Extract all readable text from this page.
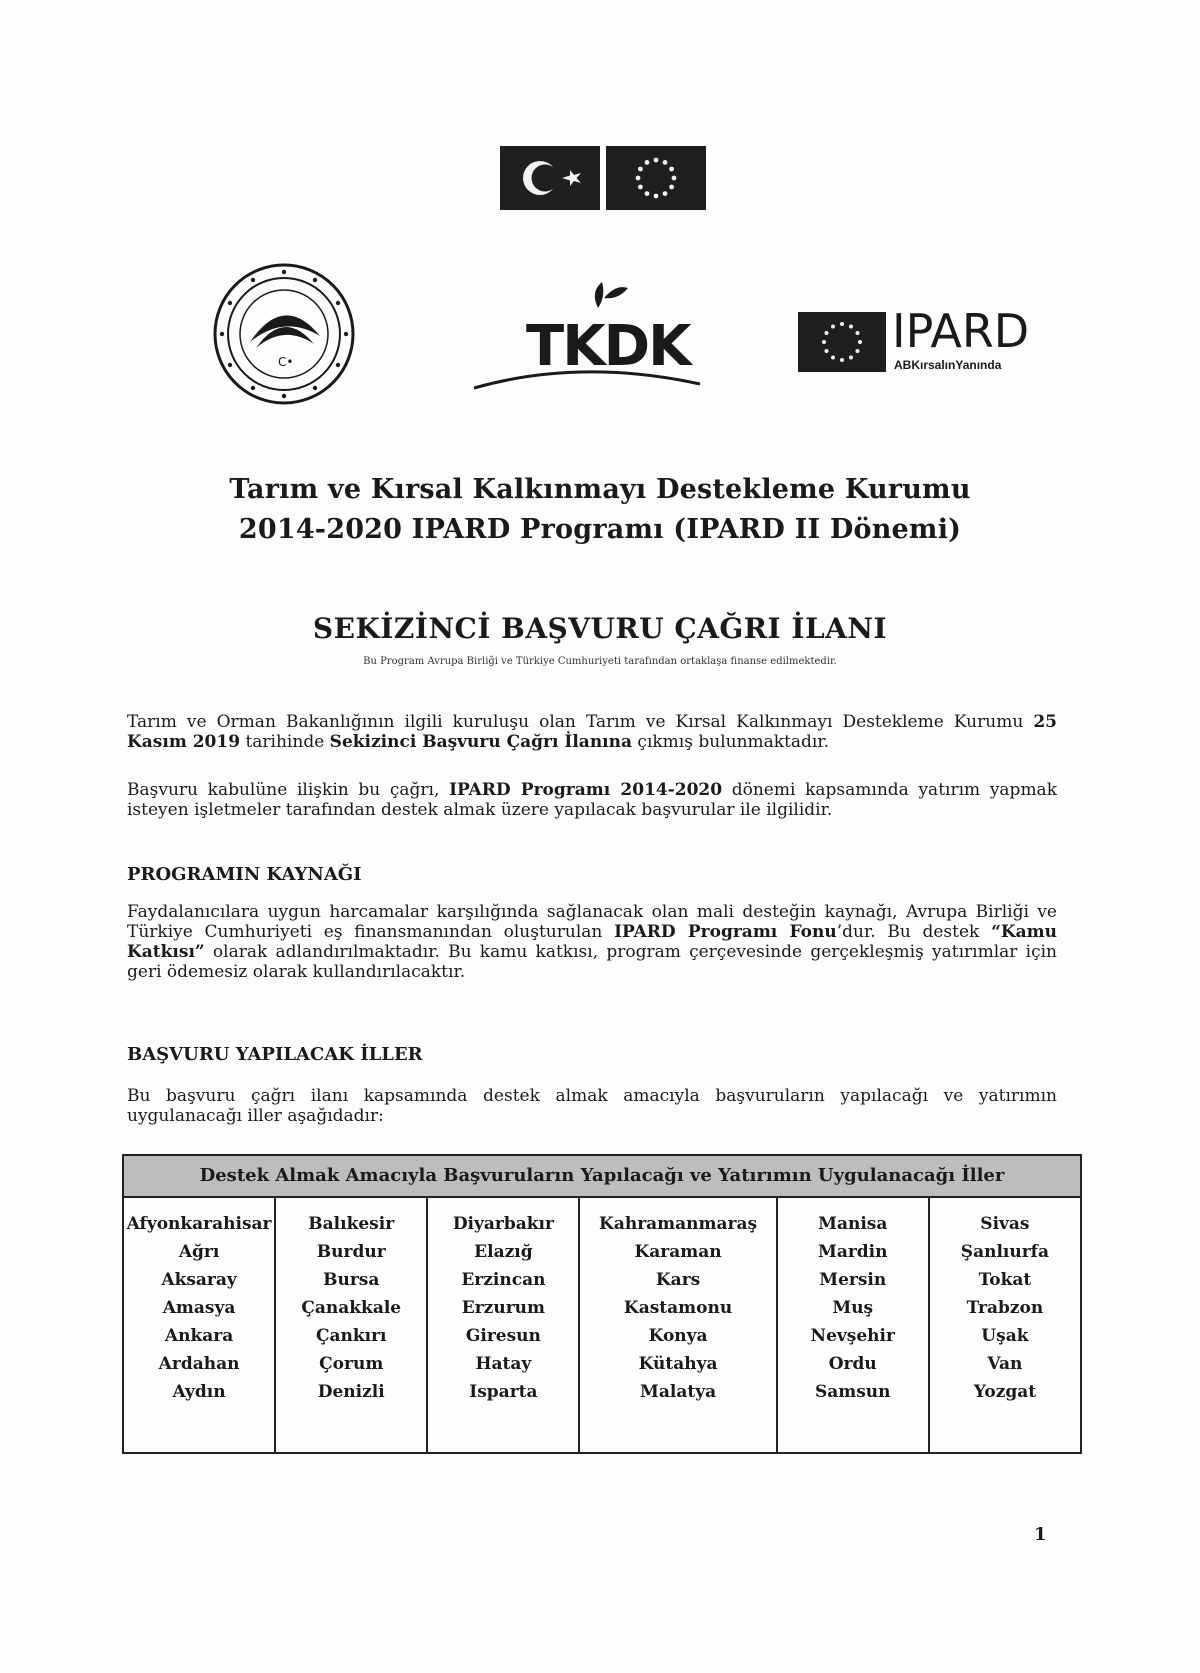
C•	TKDK	IPARD
ABKırsalınYanında
Tarım ve Kırsal Kalkınmayı Destekleme Kurumu
2014-2020 IPARD Programı (IPARD II Dönemi)
SEKİZİNCİ BAŞVURU ÇAĞRI İLANI
Bu Program Avrupa Birliği ve Türkiye Cumhuriyeti tarafından ortaklaşa finanse edilmektedir.
Tarım ve Orman Bakanlığının ilgili kuruluşu olan Tarım ve Kırsal Kalkınmayı Destekleme Kurumu 25 Kasım 2019 tarihinde Sekizinci Başvuru Çağrı İlanına çıkmış bulunmaktadır.
Başvuru kabulüne ilişkin bu çağrı, IPARD Programı 2014-2020 dönemi kapsamında yatırım yapmak isteyen işletmeler tarafından destek almak üzere yapılacak başvurular ile ilgilidir.
PROGRAMIN KAYNAĞI
Faydalanıcılara uygun harcamalar karşılığında sağlanacak olan mali desteğin kaynağı, Avrupa Birliği ve Türkiye Cumhuriyeti eş finansmanından oluşturulan IPARD Programı Fonu’dur. Bu destek “Kamu Katkısı” olarak adlandırılmaktadır. Bu kamu katkısı, program çerçevesinde gerçekleşmiş yatırımlar için geri ödemesiz olarak kullandırılacaktır.
BAŞVURU YAPILACAK İLLER
Bu başvuru çağrı ilanı kapsamında destek almak amacıyla başvuruların yapılacağı ve yatırımın uygulanacağı iller aşağıdadır:
Destek Almak Amacıyla Başvuruların Yapılacağı ve Yatırımın Uygulanacağı İller
Afyonkarahisar
Ağrı
Aksaray
Amasya
Ankara
Ardahan
Aydın
Balıkesir
Burdur
Bursa
Çanakkale
Çankırı
Çorum
Denizli
Diyarbakır
Elazığ
Erzincan
Erzurum
Giresun
Hatay
Isparta
Kahramanmaraş
Karaman
Kars
Kastamonu
Konya
Kütahya
Malatya
Manisa
Mardin
Mersin
Muş
Nevşehir
Ordu
Samsun
Sivas
Şanlıurfa
Tokat
Trabzon
Uşak
Van
Yozgat
1
